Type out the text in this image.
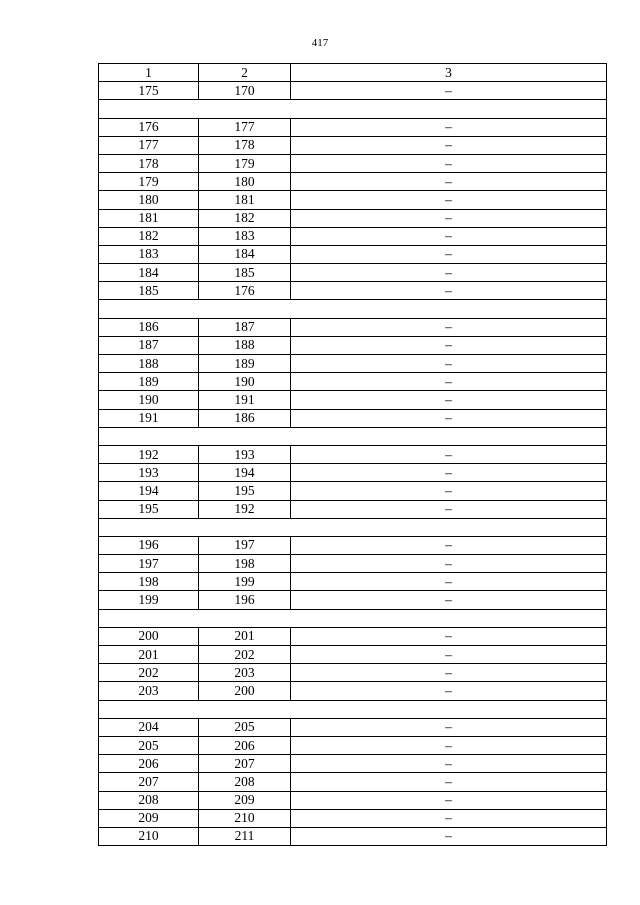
417
1	2	3
175	170	–

176	177	–
177	178	–
178	179	–
179	180	–
180	181	–
181	182	–
182	183	–
183	184	–
184	185	–
185	176	–

186	187	–
187	188	–
188	189	–
189	190	–
190	191	–
191	186	–

192	193	–
193	194	–
194	195	–
195	192	–

196	197	–
197	198	–
198	199	–
199	196	–

200	201	–
201	202	–
202	203	–
203	200	–

204	205	–
205	206	–
206	207	–
207	208	–
208	209	–
209	210	–
210	211	–
